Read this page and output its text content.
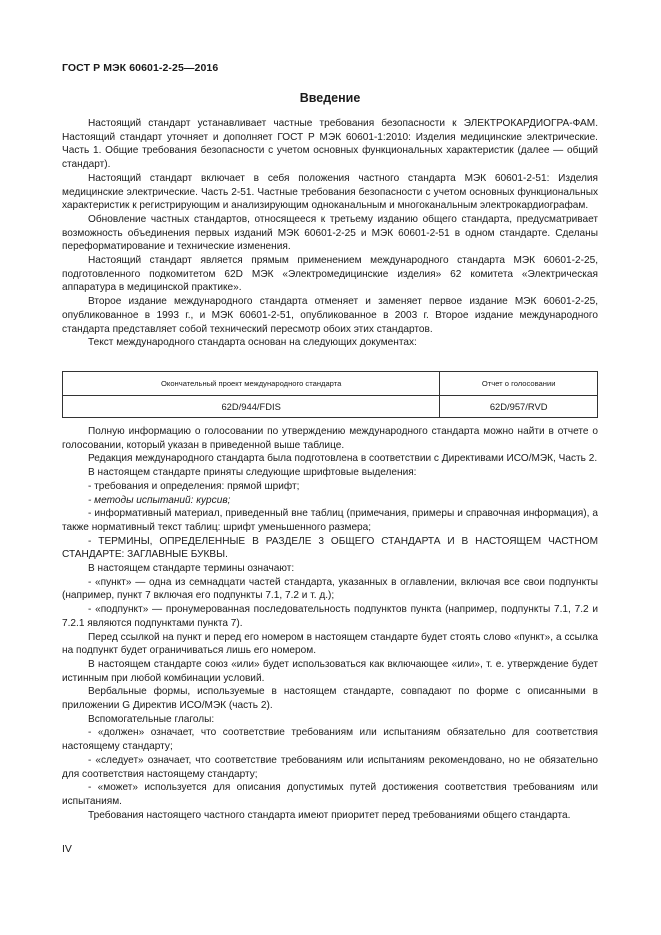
ГОСТ Р МЭК 60601-2-25—2016
Введение

Настоящий стандарт устанавливает частные требования безопасности к ЭЛЕКТРОКАРДИОГРА-ФАМ. Настоящий стандарт уточняет и дополняет ГОСТ Р МЭК 60601-1:2010: Изделия медицинские электрические. Часть 1. Общие требования безопасности с учетом основных функциональных характеристик (далее — общий стандарт).

Настоящий стандарт включает в себя положения частного стандарта МЭК 60601-2-51: Изделия медицинские электрические. Часть 2-51. Частные требования безопасности с учетом основных функциональных характеристик к регистрирующим и анализирующим одноканальным и многоканальным электрокардиографам.

Обновление частных стандартов, относящееся к третьему изданию общего стандарта, предусматривает возможность объединения первых изданий МЭК 60601-2-25 и МЭК 60601-2-51 в одном стандарте. Сделаны переформатирование и технические изменения.

Настоящий стандарт является прямым применением международного стандарта МЭК 60601-2-25, подготовленного подкомитетом 62D МЭК «Электромедицинские изделия» 62 комитета «Электрическая аппаратура в медицинской практике».

Второе издание международного стандарта отменяет и заменяет первое издание МЭК 60601-2-25, опубликованное в 1993 г., и МЭК 60601-2-51, опубликованное в 2003 г. Второе издание международного стандарта представляет собой технический пересмотр обоих этих стандартов.

Текст международного стандарта основан на следующих документах:

Окончательный проект международного стандарта	Отчет о голосовании
62D/944/FDIS	62D/957/RVD

Полную информацию о голосовании по утверждению международного стандарта можно найти в отчете о голосовании, который указан в приведенной выше таблице.

Редакция международного стандарта была подготовлена в соответствии с Директивами ИСО/МЭК, Часть 2.

В настоящем стандарте приняты следующие шрифтовые выделения:

- требования и определения: прямой шрифт;

- методы испытаний: курсив;

- информативный материал, приведенный вне таблиц (примечания, примеры и справочная информация), а также нормативный текст таблиц: шрифт уменьшенного размера;

- ТЕРМИНЫ, ОПРЕДЕЛЕННЫЕ В РАЗДЕЛЕ 3 ОБЩЕГО СТАНДАРТА И В НАСТОЯЩЕМ ЧАСТНОМ СТАНДАРТЕ: ЗАГЛАВНЫЕ БУКВЫ.

В настоящем стандарте термины означают:

- «пункт» — одна из семнадцати частей стандарта, указанных в оглавлении, включая все свои подпункты (например, пункт 7 включая его подпункты 7.1, 7.2 и т. д.);

- «подпункт» — пронумерованная последовательность подпунктов пункта (например, подпункты 7.1, 7.2 и 7.2.1 являются подпунктами пункта 7).

Перед ссылкой на пункт и перед его номером в настоящем стандарте будет стоять слово «пункт», а ссылка на подпункт будет ограничиваться лишь его номером.

В настоящем стандарте союз «или» будет использоваться как включающее «или», т. е. утверждение будет истинным при любой комбинации условий.

Вербальные формы, используемые в настоящем стандарте, совпадают по форме с описанными в приложении G Директив ИСО/МЭК (часть 2).

Вспомогательные глаголы:

- «должен» означает, что соответствие требованиям или испытаниям обязательно для соответствия настоящему стандарту;

- «следует» означает, что соответствие требованиям или испытаниям рекомендовано, но не обязательно для соответствия настоящему стандарту;

- «может» используется для описания допустимых путей достижения соответствия требованиям или испытаниям.

Требования настоящего частного стандарта имеют приоритет перед требованиями общего стандарта.

IV
